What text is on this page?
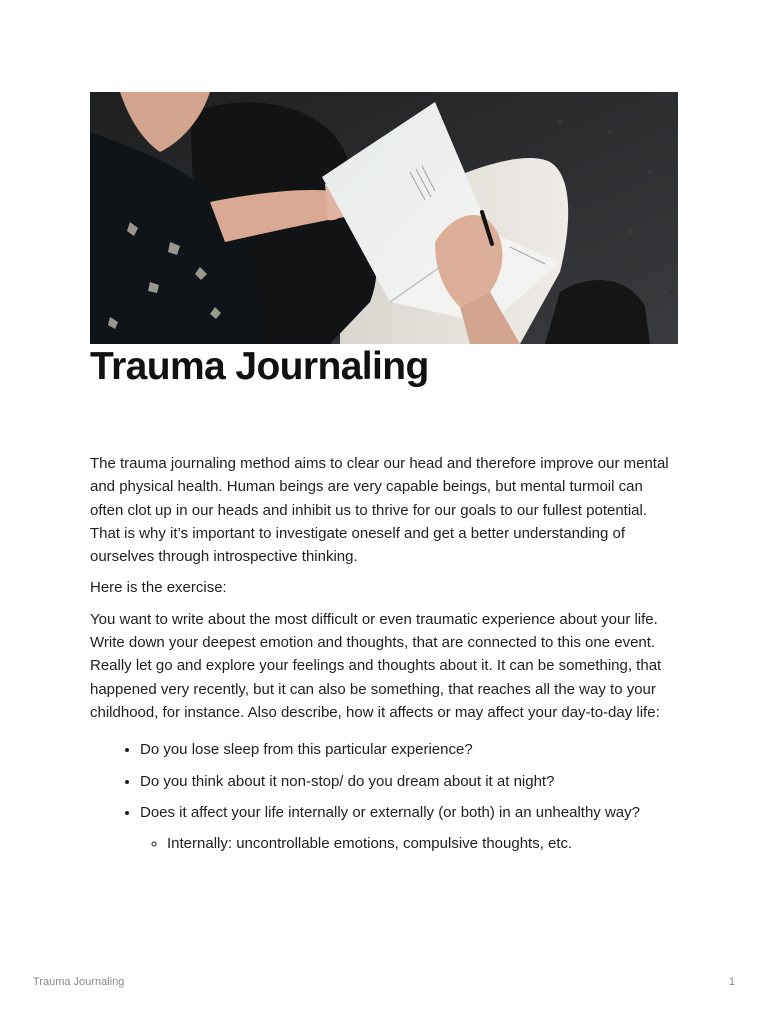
Trauma Journaling

The trauma journaling method aims to clear our head and therefore improve our mental and physical health. Human beings are very capable beings, but mental turmoil can often clot up in our heads and inhibit us to thrive for our goals to our fullest potential. That is why it’s important to investigate oneself and get a better understanding of ourselves through introspective thinking.

Here is the exercise:

You want to write about the most difficult or even traumatic experience about your life. Write down your deepest emotion and thoughts, that are connected to this one event. Really let go and explore your feelings and thoughts about it. It can be something, that happened very recently, but it can also be something, that reaches all the way to your childhood, for instance. Also describe, how it affects or may affect your day-to-day life:

• Do you lose sleep from this particular experience?
• Do you think about it non-stop/ do you dream about it at night?
• Does it affect your life internally or externally (or both) in an unhealthy way?
◦ Internally: uncontrollable emotions, compulsive thoughts, etc.
Trauma Journaling	1
